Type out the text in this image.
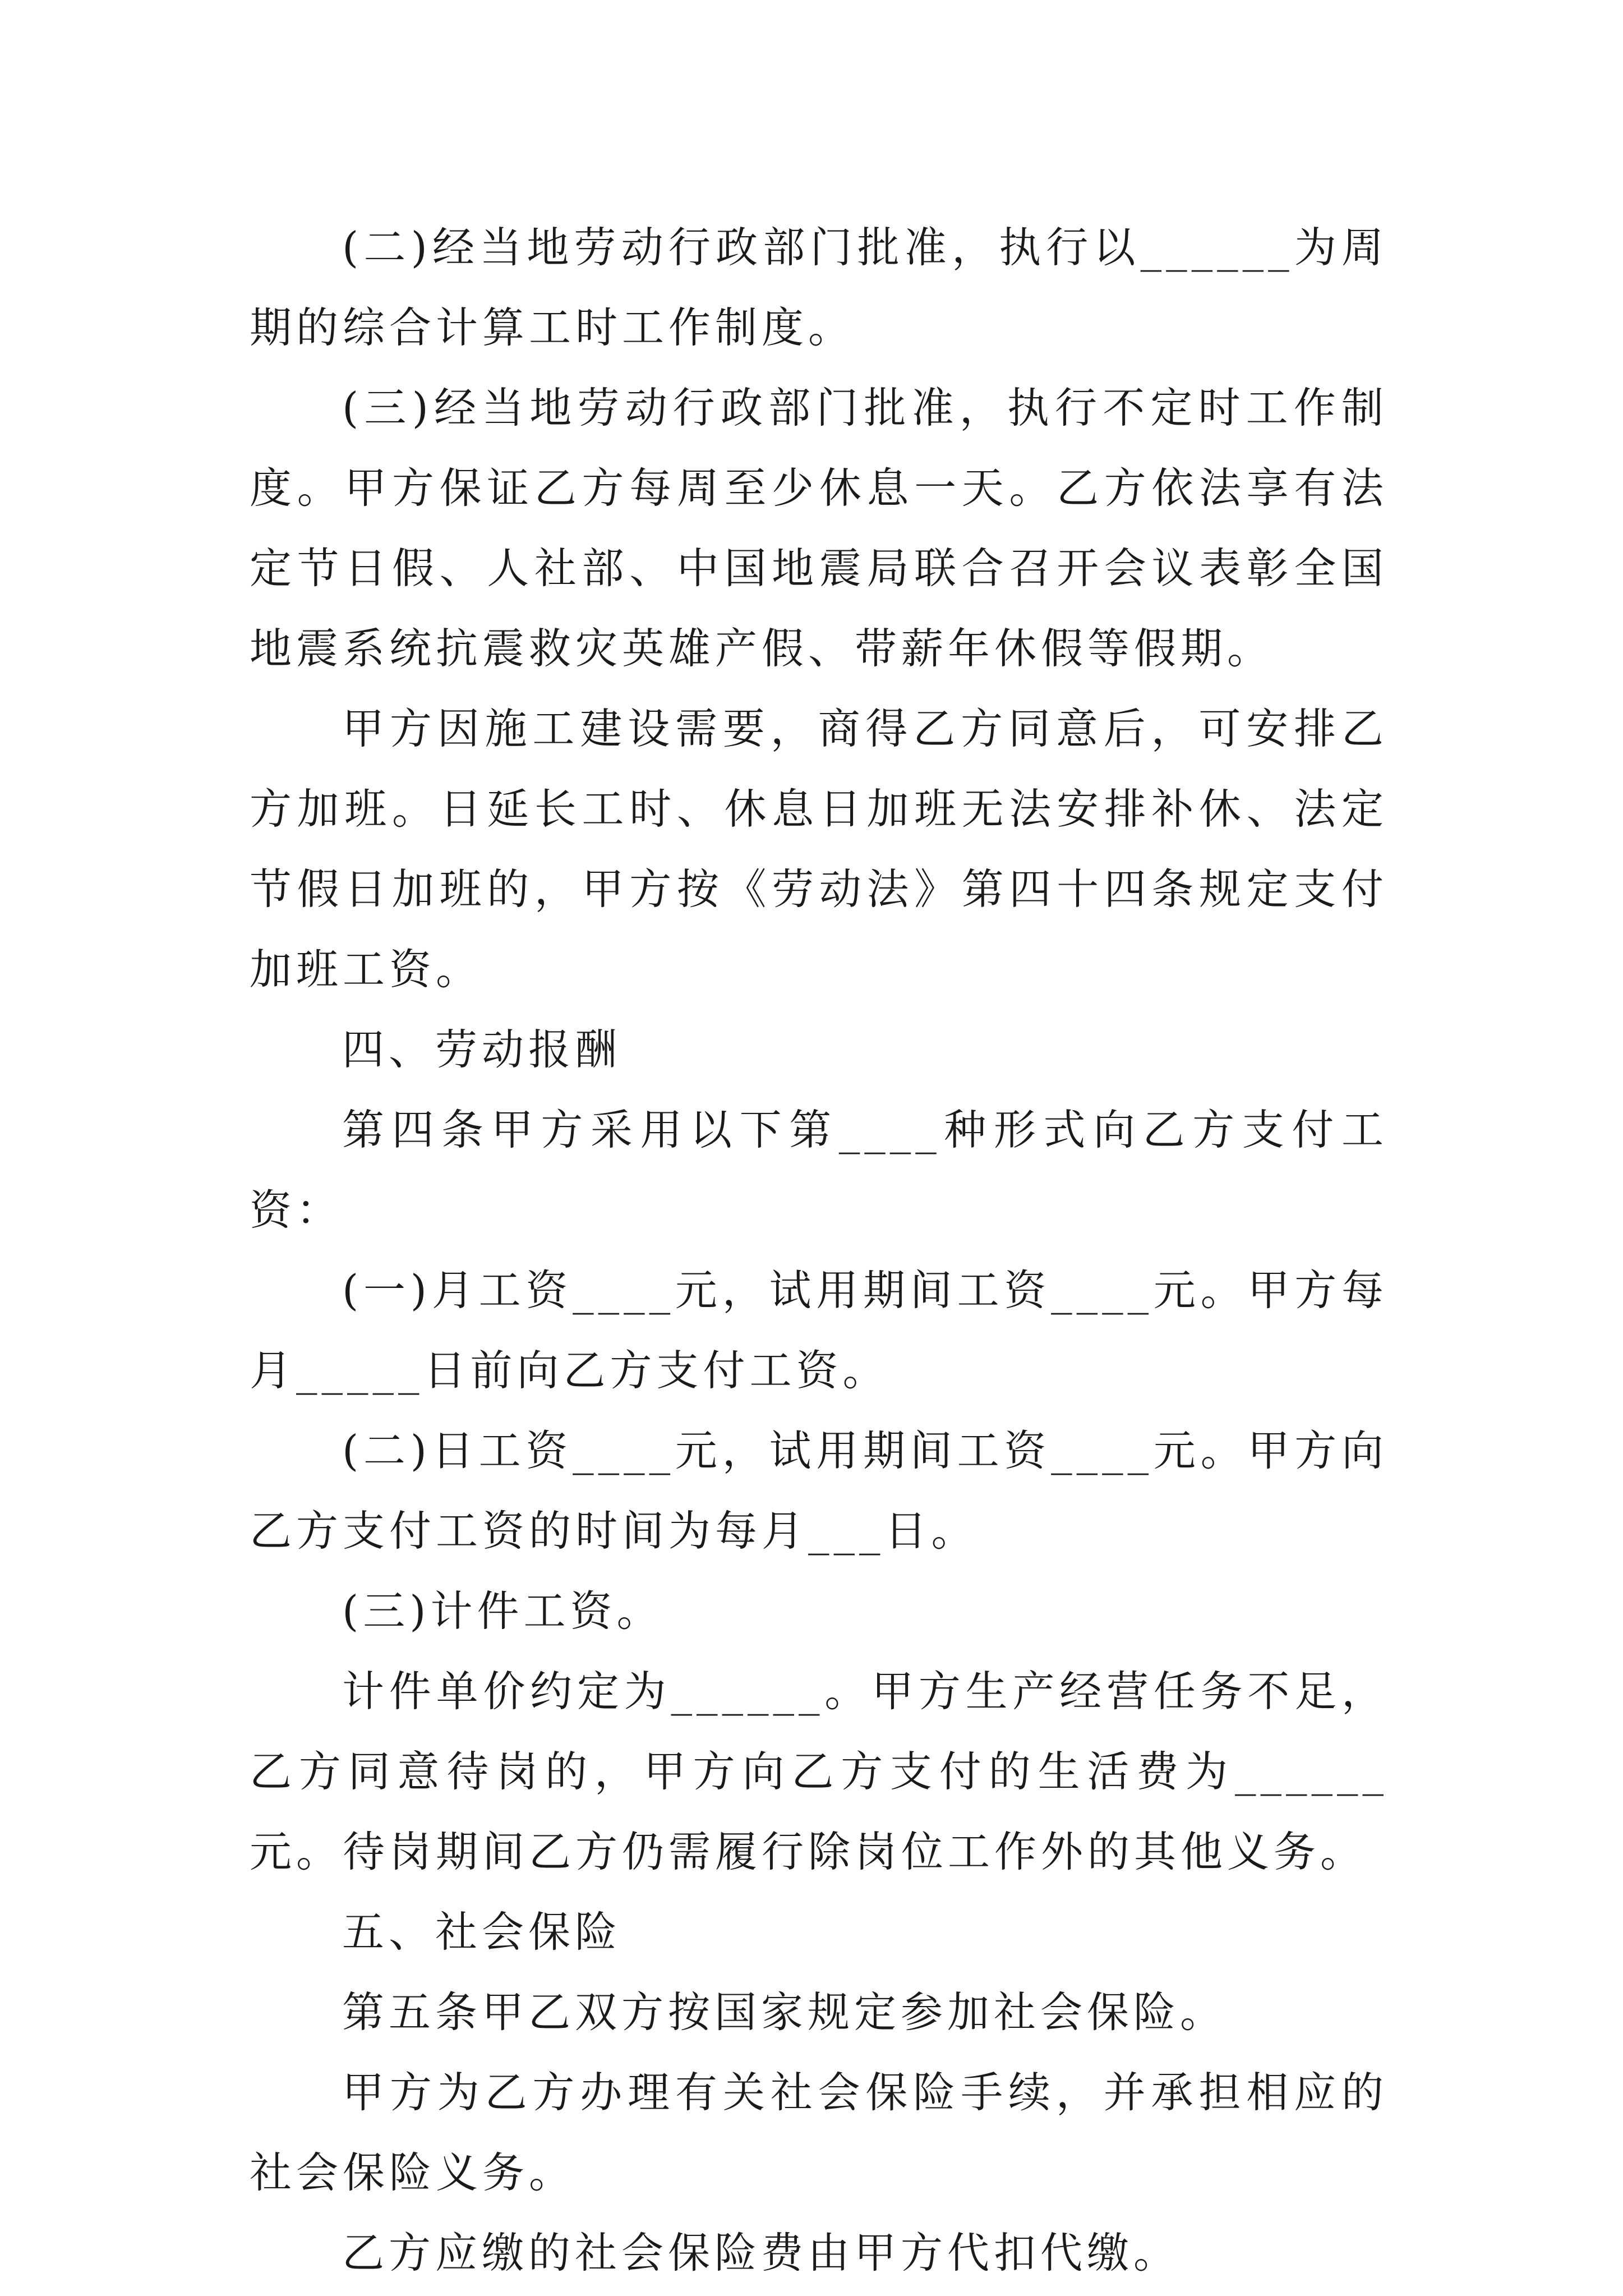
(二)经当地劳动行政部门批准，执行以______为周期的综合计算工时工作制度。

(三)经当地劳动行政部门批准，执行不定时工作制度。甲方保证乙方每周至少休息一天。乙方依法享有法定节日假、人社部、中国地震局联合召开会议表彰全国地震系统抗震救灾英雄产假、带薪年休假等假期。

甲方因施工建设需要，商得乙方同意后，可安排乙方加班。日延长工时、休息日加班无法安排补休、法定节假日加班的，甲方按《劳动法》第四十四条规定支付加班工资。

四、劳动报酬

第四条甲方采用以下第____种形式向乙方支付工资：

(一)月工资____元，试用期间工资____元。甲方每月_____日前向乙方支付工资。

(二)日工资____元，试用期间工资____元。甲方向乙方支付工资的时间为每月___日。

(三)计件工资。

计件单价约定为______。甲方生产经营任务不足，乙方同意待岗的，甲方向乙方支付的生活费为______元。待岗期间乙方仍需履行除岗位工作外的其他义务。

五、社会保险

第五条甲乙双方按国家规定参加社会保险。

甲方为乙方办理有关社会保险手续，并承担相应的社会保险义务。

乙方应缴的社会保险费由甲方代扣代缴。
